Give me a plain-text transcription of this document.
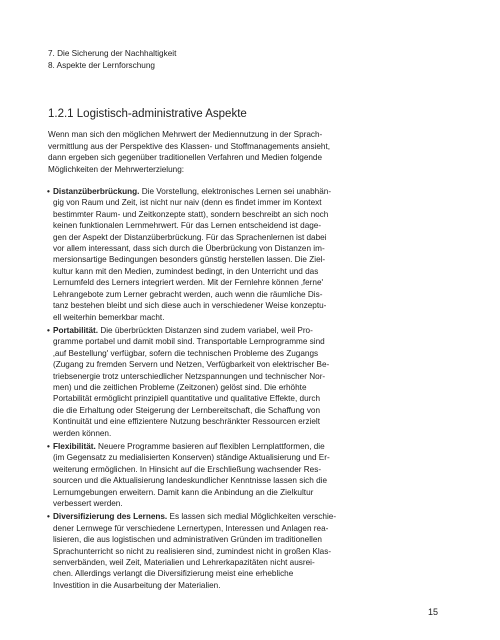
7. Die Sicherung der Nachhaltigkeit
8. Aspekte der Lernforschung
1.2.1 Logistisch-administrative Aspekte
Wenn man sich den möglichen Mehrwert der Mediennutzung in der Sprach-
vermittlung aus der Perspektive des Klassen- und Stoffmanagements ansieht,
dann ergeben sich gegenüber traditionellen Verfahren und Medien folgende
Möglichkeiten der Mehrwerterzielung:
• Distanzüberbrückung. Die Vorstellung, elektronisches Lernen sei unabhän-
gig von Raum und Zeit, ist nicht nur naiv (denn es findet immer im Kontext
bestimmter Raum- und Zeitkonzepte statt), sondern beschreibt an sich noch
keinen funktionalen Lernmehrwert. Für das Lernen entscheidend ist dage-
gen der Aspekt der Distanzüberbrückung. Für das Sprachenlernen ist dabei
vor allem interessant, dass sich durch die Überbrückung von Distanzen im-
mersionsartige Bedingungen besonders günstig herstellen lassen. Die Ziel-
kultur kann mit den Medien, zumindest bedingt, in den Unterricht und das
Lernumfeld des Lerners integriert werden. Mit der Fernlehre können ‚ferne'
Lehrangebote zum Lerner gebracht werden, auch wenn die räumliche Dis-
tanz bestehen bleibt und sich diese auch in verschiedener Weise konzeptu-
ell weiterhin bemerkbar macht.
• Portabilität. Die überbrückten Distanzen sind zudem variabel, weil Pro-
gramme portabel und damit mobil sind. Transportable Lernprogramme sind
‚auf Bestellung' verfügbar, sofern die technischen Probleme des Zugangs
(Zugang zu fremden Servern und Netzen, Verfügbarkeit von elektrischer Be-
triebsenergie trotz unterschiedlicher Netzspannungen und technischer Nor-
men) und die zeitlichen Probleme (Zeitzonen) gelöst sind. Die erhöhte
Portabilität ermöglicht prinzipiell quantitative und qualitative Effekte, durch
die die Erhaltung oder Steigerung der Lernbereitschaft, die Schaffung von
Kontinuität und eine effizientere Nutzung beschränkter Ressourcen erzielt
werden können.
• Flexibilität. Neuere Programme basieren auf flexiblen Lernplattformen, die
(im Gegensatz zu medialisierten Konserven) ständige Aktualisierung und Er-
weiterung ermöglichen. In Hinsicht auf die Erschließung wachsender Res-
sourcen und die Aktualisierung landeskundlicher Kenntnisse lassen sich die
Lernumgebungen erweitern. Damit kann die Anbindung an die Zielkultur
verbessert werden.
• Diversifizierung des Lernens. Es lassen sich medial Möglichkeiten verschie-
dener Lernwege für verschiedene Lernertypen, Interessen und Anlagen rea-
lisieren, die aus logistischen und administrativen Gründen im traditionellen
Sprachunterricht so nicht zu realisieren sind, zumindest nicht in großen Klas-
senverbänden, weil Zeit, Materialien und Lehrerkapazitäten nicht ausrei-
chen. Allerdings verlangt die Diversifizierung meist eine erhebliche
Investition in die Ausarbeitung der Materialien.
15
